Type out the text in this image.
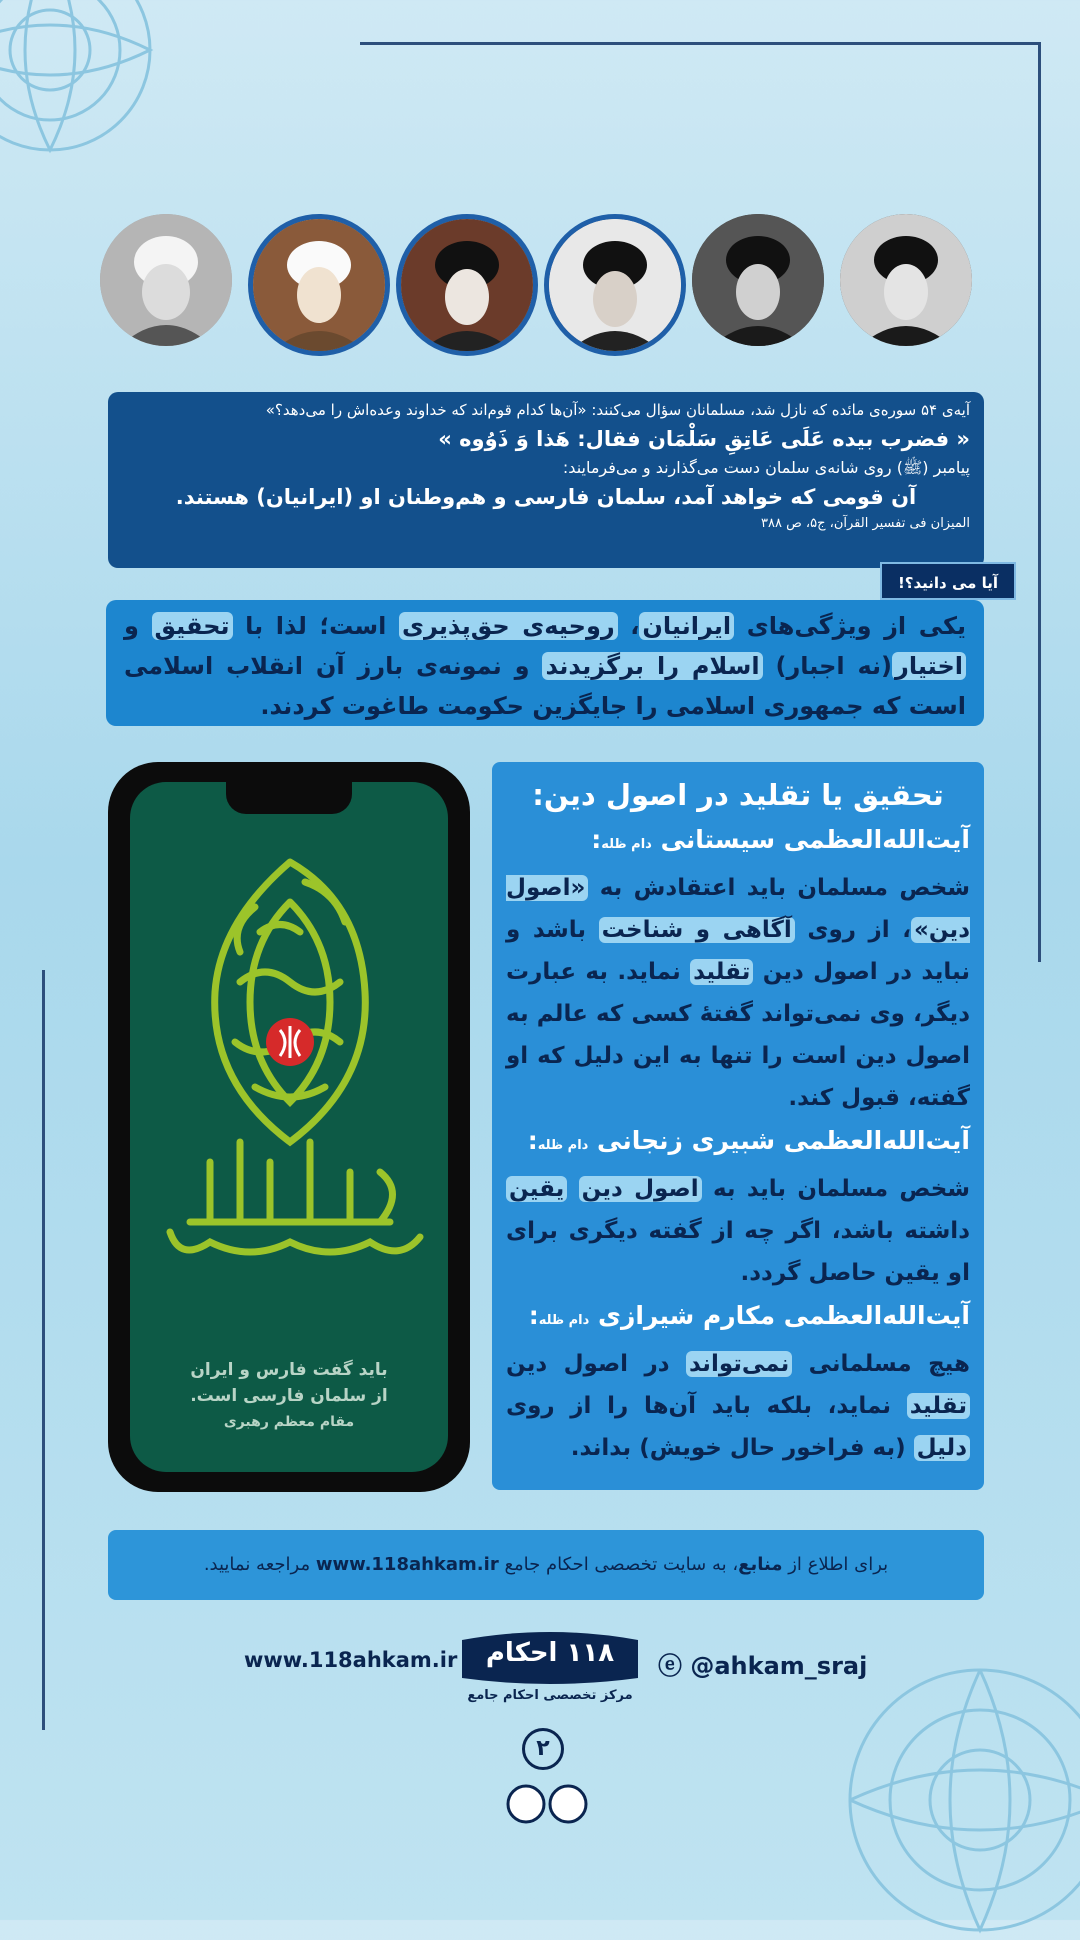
آیه‌ی ۵۴ سوره‌ی مائده که نازل شد، مسلمانان سؤال می‌کنند: «آن‌ها کدام قوم‌اند که خداوند وعده‌اش را می‌دهد؟»
« فضرب بیده عَلَی عَاتِقِ سَلْمَان فقال: هَذا وَ ذَوُوه »
پیامبر (ﷺ) روی شانه‌ی سلمان دست می‌گذارند و می‌فرمایند:
آن قومی که خواهد آمد، سلمان فارسی و هم‌وطنان او (ایرانیان) هستند.
المیزان فی تفسیر القرآن، ج۵، ص ۳۸۸
آیا می دانید؟!
یکی از ویژگی‌های ایرانیان، روحیه‌ی حق‌پذیری است؛ لذا با تحقیق و اختیار(نه اجبار) اسلام را برگزیدند و نمونه‌ی بارز آن انقلاب اسلامی است که جمهوری اسلامی را جایگزین حکومت طاغوت کردند.
باید گفت فارس و ایران
از سلمان فارسی است.
مقام معظم رهبری
تحقیق یا تقلید در اصول دین:
آیت‌الله‌العظمی سیستانی دام ظله:
شخص مسلمان باید اعتقادش به «اصول دین»، از روی آگاهی و شناخت باشد و نباید در اصول دین تقلید نماید. به عبارت دیگر، وی نمی‌تواند گفتهٔ کسی که عالم به اصول دین است را تنها به این دلیل که او گفته، قبول کند.
آیت‌الله‌العظمی شبیری زنجانی دام ظله:
شخص مسلمان باید به اصول دین یقین داشته باشد، اگر چه از گفته دیگری برای او یقین حاصل گردد.
آیت‌الله‌العظمی مکارم شیرازی دام ظله:
هیچ مسلمانی نمی‌تواند در اصول دین تقلید نماید، بلکه باید آن‌ها را از روی دلیل (به فراخور حال خویش) بداند.
برای اطلاع از منابع، به سایت تخصصی احکام جامع www.118ahkam.ir مراجعه نمایید.
www.118ahkam.ir	۱۱۸ احکام
مرکز تخصصی احکام جامع
ⓔ @ahkam_sraj
۲
